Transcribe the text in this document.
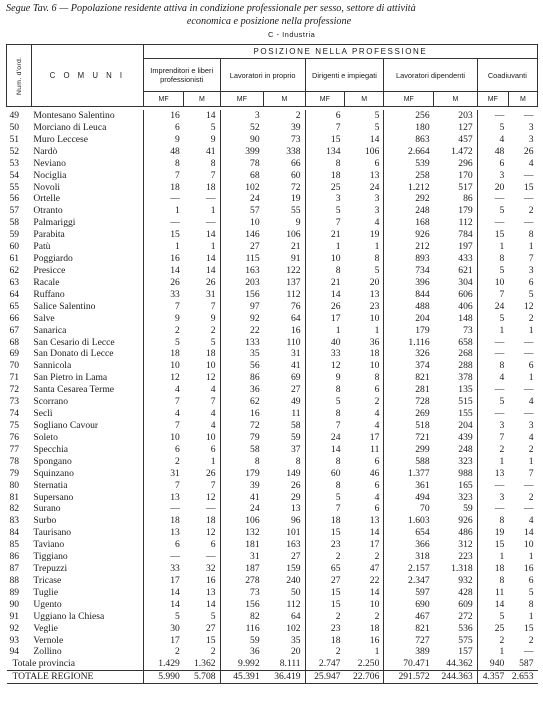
Segue Tav. 6 — Popolazione residente attiva in condizione professionale per sesso, settore di attività
economica e posizione nella professione
C - Industria
Num. d'ord.	C O M U N I	POSIZIONE NELLA PROFESSIONE									
		Imprenditori e liberi professionisti		Lavoratori in proprio		Dirigenti e impiegati		Lavoratori dipendenti		Coadiuvanti	
		MF	M	MF	M	MF	M	MF	M	MF	M

49	Montesano Salentino	16	14	3	2	6	5	256	203	—	—
50	Morciano di Leuca	6	5	52	39	7	5	180	127	5	3
51	Muro Leccese	9	9	90	73	15	14	863	457	4	3
52	Nardò	48	41	399	338	134	106	2.664	1.472	48	26
53	Neviano	8	8	78	66	8	6	539	296	6	4
54	Nociglia	7	7	68	60	18	13	258	170	3	—
55	Novoli	18	18	102	72	25	24	1.212	517	20	15
56	Ortelle	—	—	24	19	3	3	292	86	—	—
57	Otranto	1	1	57	55	5	3	248	179	5	2
58	Palmariggi	—	—	10	9	7	4	168	112	—	—
59	Parabita	15	14	146	106	21	19	926	784	15	8
60	Patù	1	1	27	21	1	1	212	197	1	1
61	Poggiardo	16	14	115	91	10	8	893	433	8	7
62	Presicce	14	14	163	122	8	5	734	621	5	3
63	Racale	26	26	203	137	21	20	396	304	10	6
64	Ruffano	33	31	156	112	14	13	844	606	7	5
65	Salice Salentino	7	7	97	76	26	23	488	406	24	12
66	Salve	9	9	92	64	17	10	204	148	5	2
67	Sanarica	2	2	22	16	1	1	179	73	1	1
68	San Cesario di Lecce	5	5	133	110	40	36	1.116	658	—	—
69	San Donato di Lecce	18	18	35	31	33	18	326	268	—	—
70	Sannicola	10	10	56	41	12	10	374	288	8	6
71	San Pietro in Lama	12	12	86	69	9	8	821	378	4	1
72	Santa Cesarea Terme	4	4	36	27	8	6	281	135	—	—
73	Scorrano	7	7	62	49	5	2	728	515	5	4
74	Seclì	4	4	16	11	8	4	269	155	—	—
75	Sogliano Cavour	7	4	72	58	7	4	518	204	3	3
76	Soleto	10	10	79	59	24	17	721	439	7	4
77	Specchia	6	6	58	37	14	11	299	248	2	2
78	Spongano	2	1	8	8	8	6	588	323	1	1
79	Squinzano	31	26	179	149	60	46	1.377	988	13	7
80	Sternatia	7	7	39	26	8	6	361	165	—	—
81	Supersano	13	12	41	29	5	4	494	323	3	2
82	Surano	—	—	24	13	7	6	70	59	—	—
83	Surbo	18	18	106	96	18	13	1.603	926	8	4
84	Taurisano	13	12	132	101	15	14	654	486	19	14
85	Taviano	6	6	181	163	23	17	366	312	15	10
86	Tiggiano	—	—	31	27	2	2	318	223	1	1
87	Trepuzzi	33	32	187	159	65	47	2.157	1.318	18	16
88	Tricase	17	16	278	240	27	22	2.347	932	8	6
89	Tuglie	14	13	73	50	15	14	597	428	11	5
90	Ugento	14	14	156	112	15	10	690	609	14	8
91	Uggiano la Chiesa	5	5	82	64	2	2	467	272	5	1
92	Veglie	30	27	116	102	23	18	821	536	25	15
93	Vernole	17	15	59	35	18	16	727	575	2	2
94	Zollino	2	2	36	20	2	1	389	157	1	—
Totale provincia		1.429	1.362	9.992	8.111	2.747	2.250	70.471	44.362	940	587
TOTALE REGIONE		5.990	5.708	45.391	36.419	25.947	22.706	291.572	244.363	4.357	2.653
